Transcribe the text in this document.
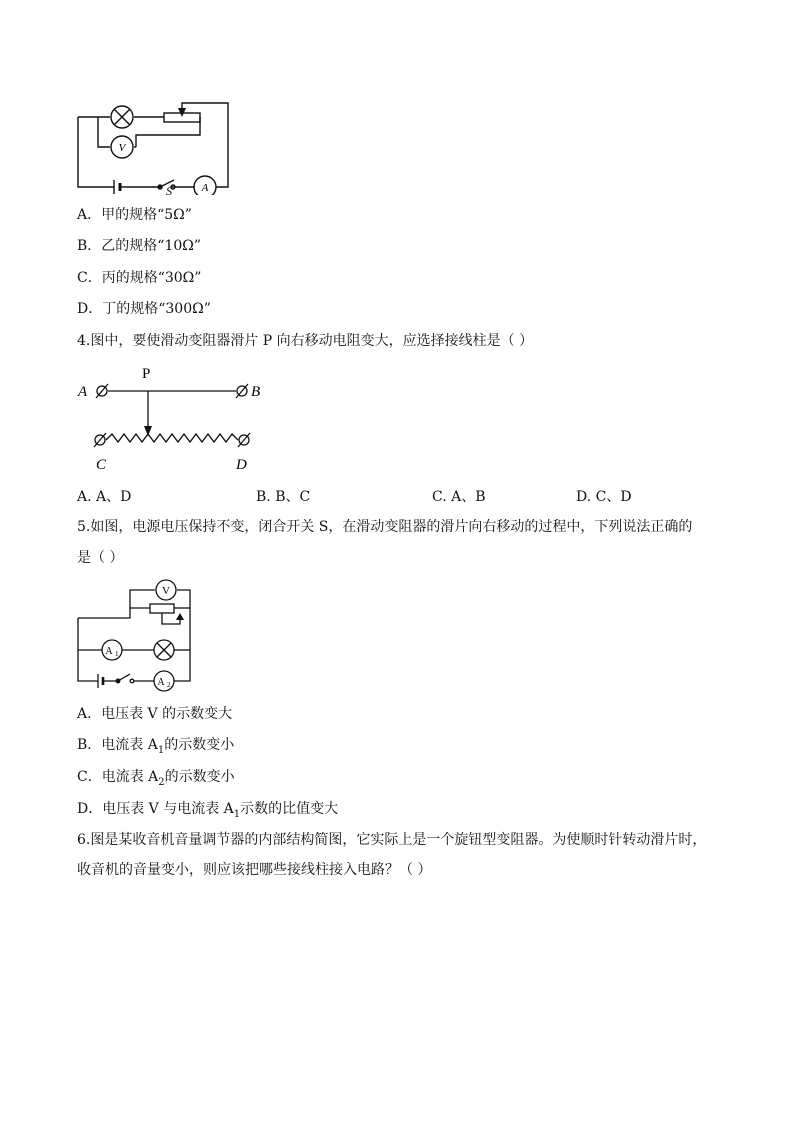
V
A
S
A．甲的规格“5Ω”
B．乙的规格“10Ω”
C．丙的规格“30Ω”
D．丁的规格“300Ω”
4.图中，要使滑动变阻器滑片 P 向右移动电阻变大，应选择接线柱是（ ）
P
A	B
C	D
A. A、D	B. B、C	C. A、B	D. C、D
5.如图，电源电压保持不变，闭合开关 S，在滑动变阻器的滑片向右移动的过程中，下列说法正确的
是（ ）
V
A 1
A 2
A．电压表 V 的示数变大
B．电流表 $A_1$的示数变小
C．电流表 $A_2$的示数变小
D．电压表 V 与电流表 $A_1$示数的比值变大
6.图是某收音机音量调节器的内部结构简图，它实际上是一个旋钮型变阻器。为使顺时针转动滑片时，
收音机的音量变小，则应该把哪些接线柱接入电路？（ ）
